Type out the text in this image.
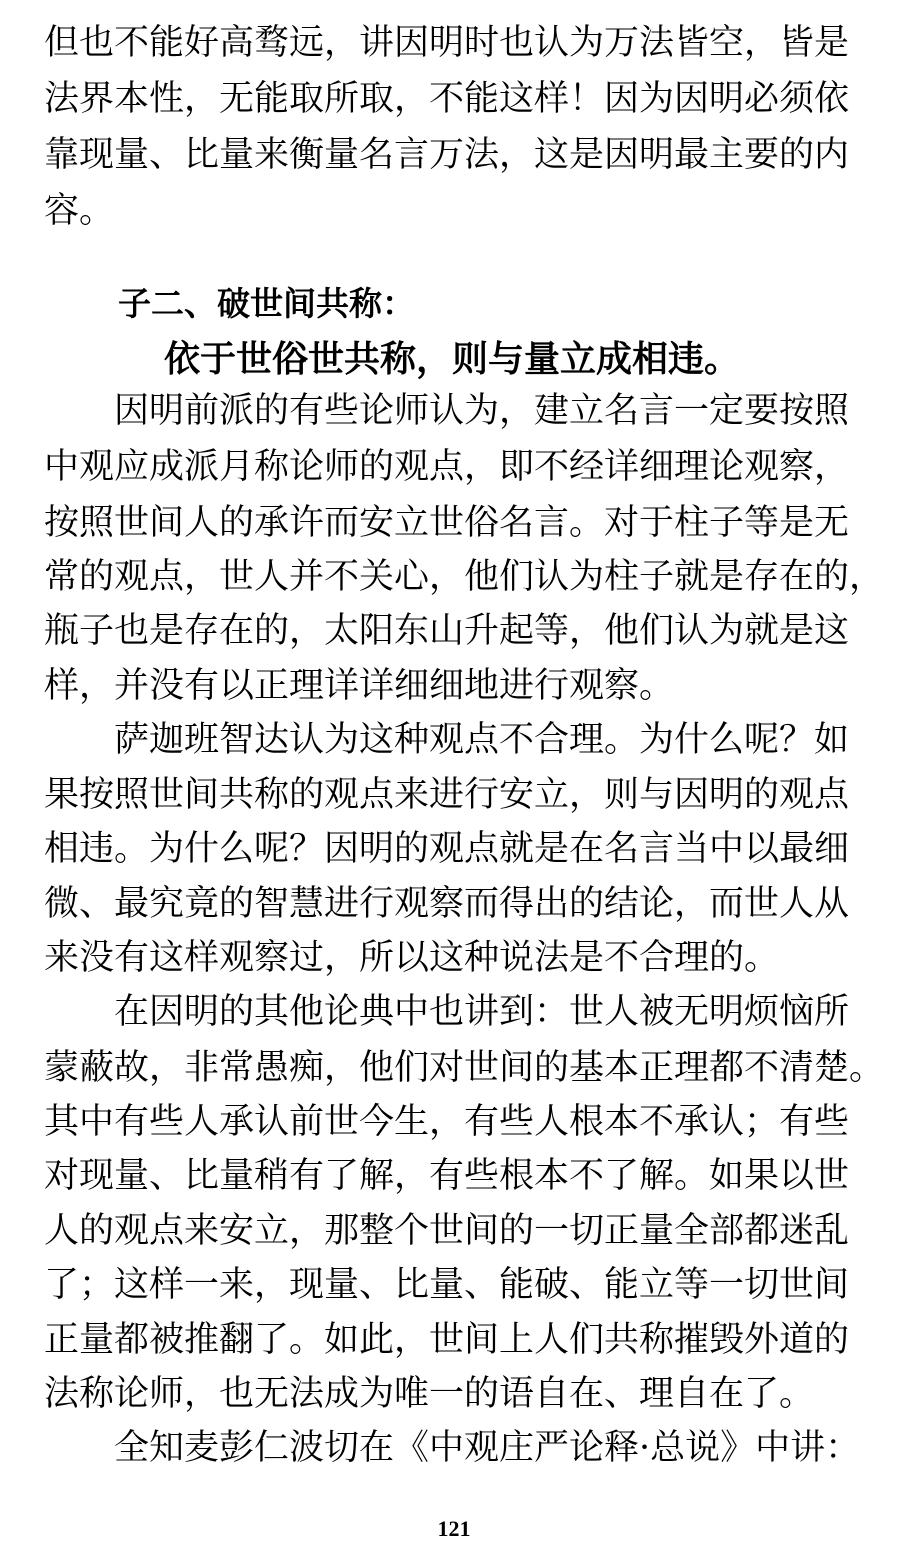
但也不能好高骛远，讲因明时也认为万法皆空，皆是
法界本性，无能取所取，不能这样！因为因明必须依
靠现量、比量来衡量名言万法，这是因明最主要的内
容。
子二、破世间共称：
依于世俗世共称，则与量立成相违。
因明前派的有些论师认为，建立名言一定要按照
中观应成派月称论师的观点，即不经详细理论观察，
按照世间人的承许而安立世俗名言。对于柱子等是无
常的观点，世人并不关心，他们认为柱子就是存在的，
瓶子也是存在的，太阳东山升起等，他们认为就是这
样，并没有以正理详详细细地进行观察。
萨迦班智达认为这种观点不合理。为什么呢？如
果按照世间共称的观点来进行安立，则与因明的观点
相违。为什么呢？因明的观点就是在名言当中以最细
微、最究竟的智慧进行观察而得出的结论，而世人从
来没有这样观察过，所以这种说法是不合理的。
在因明的其他论典中也讲到：世人被无明烦恼所
蒙蔽故，非常愚痴，他们对世间的基本正理都不清楚。
其中有些人承认前世今生，有些人根本不承认；有些
对现量、比量稍有了解，有些根本不了解。如果以世
人的观点来安立，那整个世间的一切正量全部都迷乱
了；这样一来，现量、比量、能破、能立等一切世间
正量都被推翻了。如此，世间上人们共称摧毁外道的
法称论师，也无法成为唯一的语自在、理自在了。
全知麦彭仁波切在《中观庄严论释·总说》中讲：
121
